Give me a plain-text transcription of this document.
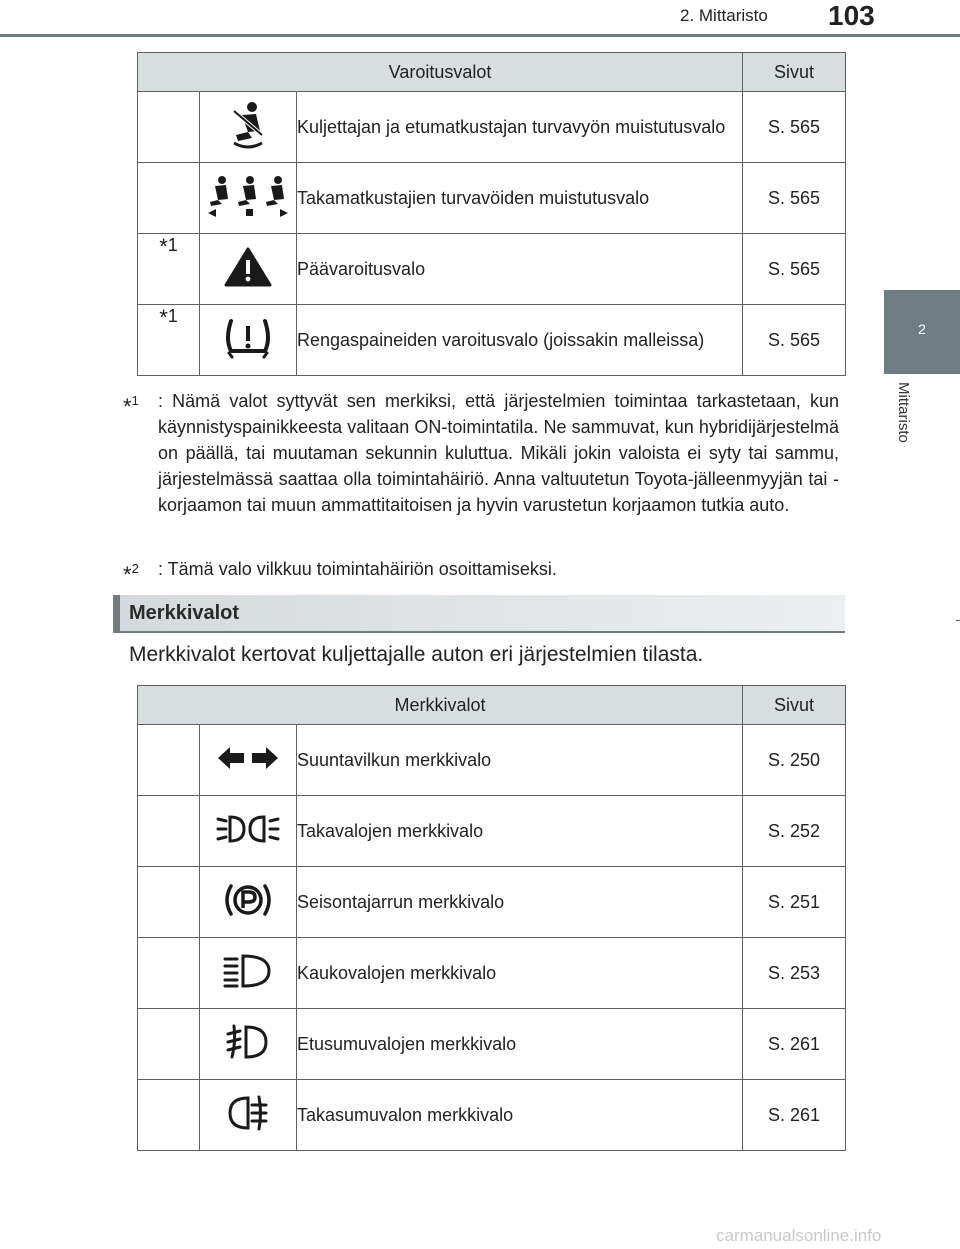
2. Mittaristo 103
2
Mittaristo
Varoitusvalot			Sivut
		Kuljettajan ja etumatkustajan turvavyön muistutusvalo	S. 565
		Takamatkustajien turvavöiden muistutusvalo	S. 565
*1		Päävaroitusvalo	S. 565
*1		Rengaspaineiden varoitusvalo (joissakin malleissa)	S. 565
*$^1$ : Nämä valot syttyvät sen merkiksi, että järjestelmien toimintaa tarkastetaan, kun käynnistyspainikkeesta valitaan ON-toimintatila. Ne sammuvat, kun hybridijärjestelmä on päällä, tai muutaman sekunnin kuluttua. Mikäli jokin valoista ei syty tai sammu, järjestelmässä saattaa olla toimintahäiriö. Anna valtuutetun Toyota-jälleenmyyjän tai -korjaamon tai muun ammattitaitoisen ja hyvin varustetun korjaamon tutkia auto.
*$^2$ : Tämä valo vilkkuu toimintahäiriön osoittamiseksi.
Merkkivalot
Merkkivalot kertovat kuljettajalle auton eri järjestelmien tilasta.
Merkkivalot			Sivut
		Suuntavilkun merkkivalo	S. 250
		Takavalojen merkkivalo	S. 252
		Seisontajarrun merkkivalo	S. 251
		Kaukovalojen merkkivalo	S. 253
		Etusumuvalojen merkkivalo	S. 261
		Takasumuvalon merkkivalo	S. 261
carmanualsonline.info
